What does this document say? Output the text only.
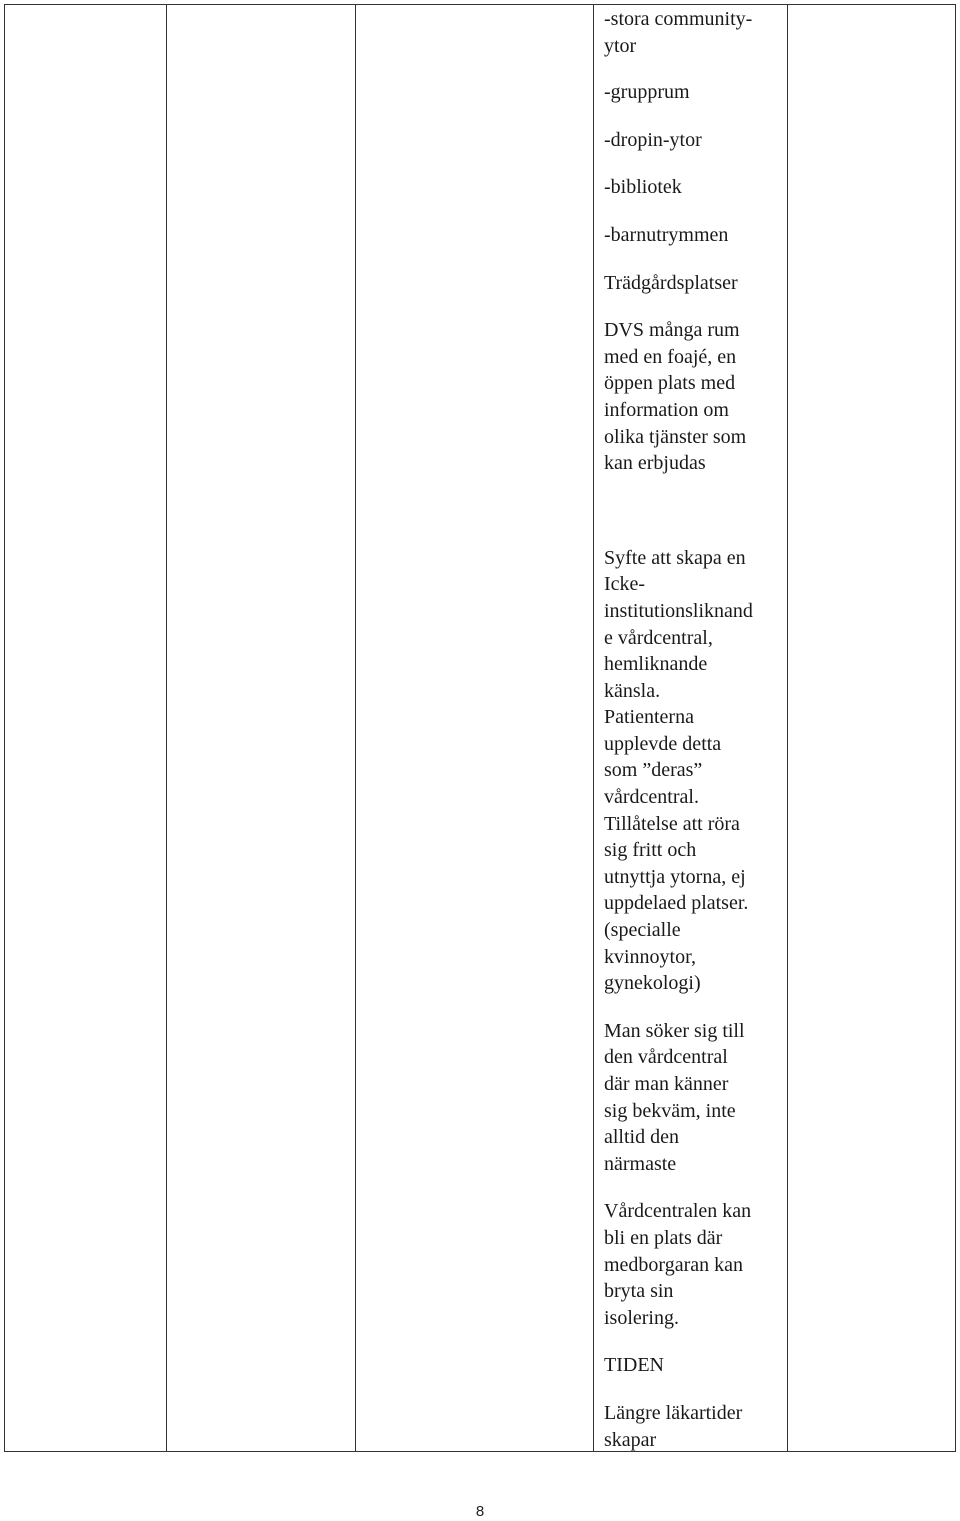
-stora community-
ytor

-grupprum

-dropin-ytor

-bibliotek

-barnutrymmen

Trädgårdsplatser

DVS många rum
med en foajé, en
öppen plats med
information om
olika tjänster som
kan erbjudas

Syfte att skapa en
Icke-
institutionsliknand
e vårdcentral,
hemliknande
känsla.
Patienterna
upplevde detta
som ”deras”
vårdcentral.
Tillåtelse att röra
sig fritt och
utnyttja ytorna, ej
uppdelaed platser.
(specialle
kvinnoytor,
gynekologi)

Man söker sig till
den vårdcentral
där man känner
sig bekväm, inte
alltid den
närmaste

Vårdcentralen kan
bli en plats där
medborgaran kan
bryta sin
isolering.

TIDEN

Längre läkartider
skapar

8
